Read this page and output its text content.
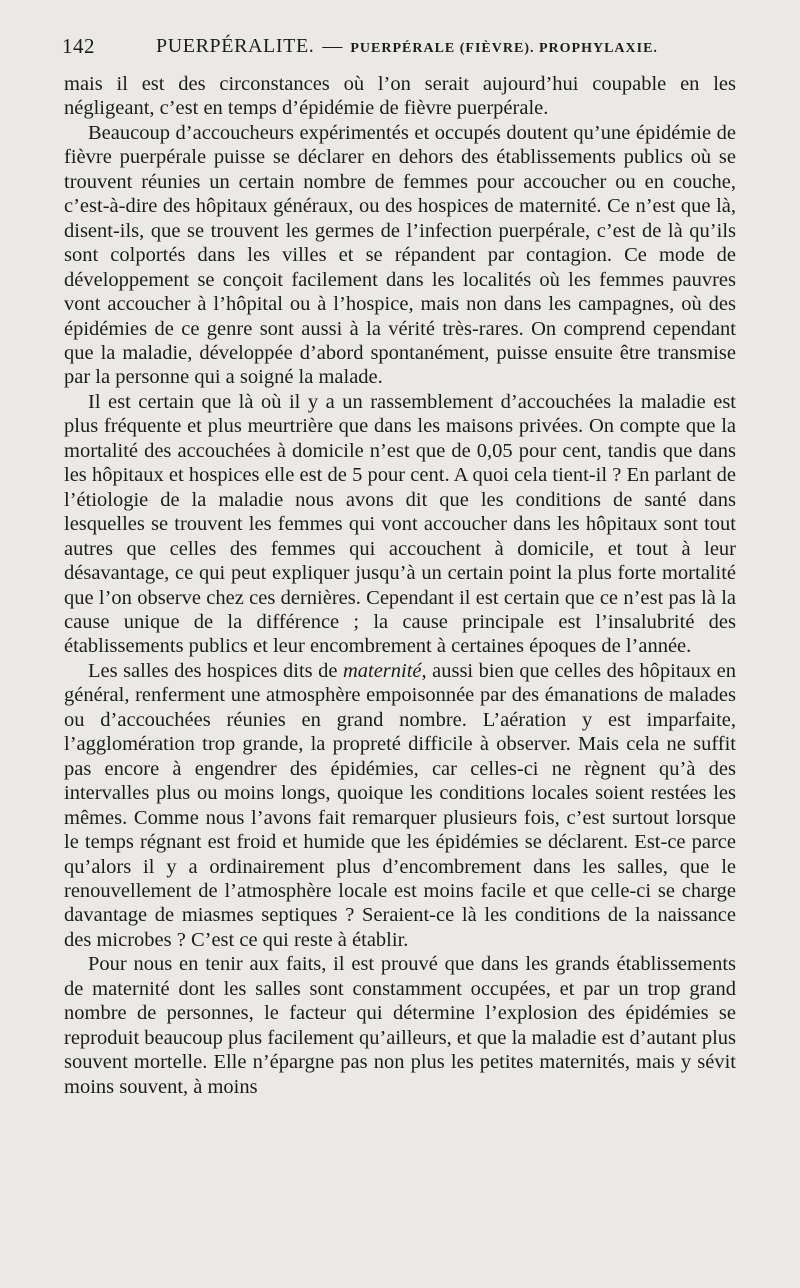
142	PUERPÉRALITE. — PUERPÉRALE (FIÈVRE). PROPHYLAXIE.

mais il est des circonstances où l’on serait aujourd’hui coupable en les négligeant, c’est en temps d’épidémie de fièvre puerpérale.

Beaucoup d’accoucheurs expérimentés et occupés doutent qu’une épidémie de fièvre puerpérale puisse se déclarer en dehors des établissements publics où se trouvent réunies un certain nombre de femmes pour accoucher ou en couche, c’est-à-dire des hôpitaux généraux, ou des hospices de maternité. Ce n’est que là, disent-ils, que se trouvent les germes de l’infection puerpérale, c’est de là qu’ils sont colportés dans les villes et se répandent par contagion. Ce mode de développement se conçoit facilement dans les localités où les femmes pauvres vont accoucher à l’hôpital ou à l’hospice, mais non dans les campagnes, où des épidémies de ce genre sont aussi à la vérité très-rares. On comprend cependant que la maladie, développée d’abord spontanément, puisse ensuite être transmise par la personne qui a soigné la malade.

Il est certain que là où il y a un rassemblement d’accouchées la maladie est plus fréquente et plus meurtrière que dans les maisons privées. On compte que la mortalité des accouchées à domicile n’est que de 0,05 pour cent, tandis que dans les hôpitaux et hospices elle est de 5 pour cent. A quoi cela tient-il ? En parlant de l’étiologie de la maladie nous avons dit que les conditions de santé dans lesquelles se trouvent les femmes qui vont accoucher dans les hôpitaux sont tout autres que celles des femmes qui accouchent à domicile, et tout à leur désavantage, ce qui peut expliquer jusqu’à un certain point la plus forte mortalité que l’on observe chez ces dernières. Cependant il est certain que ce n’est pas là la cause unique de la différence ; la cause principale est l’insalubrité des établissements publics et leur encombrement à certaines époques de l’année.

Les salles des hospices dits de maternité, aussi bien que celles des hôpitaux en général, renferment une atmosphère empoisonnée par des émanations de malades ou d’accouchées réunies en grand nombre. L’aération y est imparfaite, l’agglomération trop grande, la propreté difficile à observer. Mais cela ne suffit pas encore à engendrer des épidémies, car celles-ci ne règnent qu’à des intervalles plus ou moins longs, quoique les conditions locales soient restées les mêmes. Comme nous l’avons fait remarquer plusieurs fois, c’est surtout lorsque le temps régnant est froid et humide que les épidémies se déclarent. Est-ce parce qu’alors il y a ordinairement plus d’encombrement dans les salles, que le renouvellement de l’atmosphère locale est moins facile et que celle-ci se charge davantage de miasmes septiques ? Seraient-ce là les conditions de la naissance des microbes ? C’est ce qui reste à établir.

Pour nous en tenir aux faits, il est prouvé que dans les grands établissements de maternité dont les salles sont constamment occupées, et par un trop grand nombre de personnes, le facteur qui détermine l’explosion des épidémies se reproduit beaucoup plus facilement qu’ailleurs, et que la maladie est d’autant plus souvent mortelle. Elle n’épargne pas non plus les petites maternités, mais y sévit moins souvent, à moins
